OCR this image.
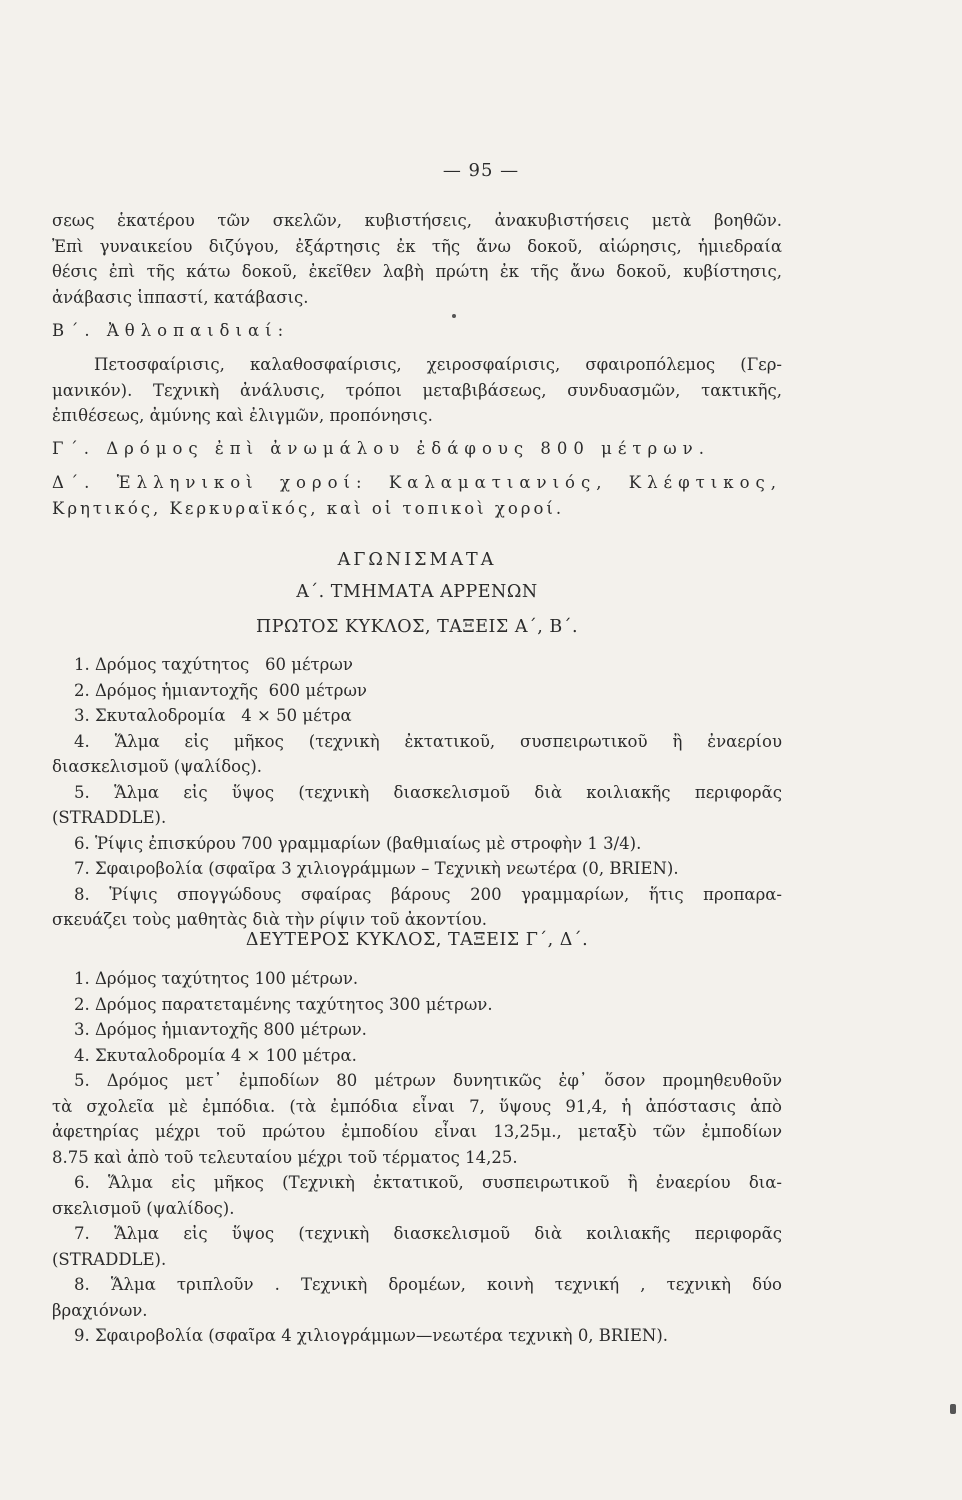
— 95 —

σεως ἑκατέρου τῶν σκελῶν, κυβιστήσεις, ἀνακυβιστήσεις μετὰ βοηθῶν.

Ἐπὶ γυναικείου διζύγου, ἐξάρτησις ἐκ τῆς ἄνω δοκοῦ, αἰώρησις, ἡμιεδραία

θέσις ἐπὶ τῆς κάτω δοκοῦ, ἐκεῖθεν λαβὴ πρώτη ἐκ τῆς ἄνω δοκοῦ, κυβίστησις,

ἀνάβασις ἱππαστί, κατάβασις.

Β΄. Ἀθλοπαιδιαί:

Πετοσφαίρισις, καλαθοσφαίρισις, χειροσφαίρισις, σφαιροπόλεμος (Γερ-

μανικόν). Τεχνικὴ ἀνάλυσις, τρόποι μεταβιβάσεως, συνδυασμῶν, τακτικῆς,

ἐπιθέσεως, ἀμύνης καὶ ἐλιγμῶν, προπόνησις.

Γ΄. Δρόμος ἐπὶ ἀνωμάλου ἐδάφους 800 μέτρων.

Δ΄. Ἑλληνικοὶ χοροί: Καλαματιανιός, Κλέφτικος,

Κρητικός, Κερκυραϊκός, καὶ οἱ τοπικοὶ χοροί.

ΑΓΩΝΙΣΜΑΤΑ

Α΄. ΤΜΗΜΑΤΑ ΑΡΡΕΝΩΝ

ΠΡΩΤΟΣ ΚΥΚΛΟΣ, ΤΑΞΕΙΣ Α΄, Β΄.

1. Δρόμος ταχύτητος   60 μέτρων

2. Δρόμος ἡμιαντοχῆς  600 μέτρων

3. Σκυταλοδρομία   4 × 50 μέτρα

4. Ἅλμα εἰς μῆκος (τεχνικὴ ἐκτατικοῦ, συσπειρωτικοῦ ἢ ἐναερίου

διασκελισμοῦ (ψαλίδος).

5. Ἅλμα εἰς ὕψος (τεχνικὴ διασκελισμοῦ διὰ κοιλιακῆς περιφορᾶς

(STRADDLE).

6. Ῥίψις ἐπισκύρου 700 γραμμαρίων (βαθμιαίως μὲ στροφὴν 1 3/4).

7. Σφαιροβολία (σφαῖρα 3 χιλιογράμμων – Τεχνικὴ νεωτέρα (0, BRIEN).

8. Ῥίψις σπογγώδους σφαίρας βάρους 200 γραμμαρίων, ἥτις προπαρα-

σκευάζει τοὺς μαθητὰς διὰ τὴν ρίψιν τοῦ ἀκοντίου.

ΔΕΥΤΕΡΟΣ ΚΥΚΛΟΣ, ΤΑΞΕΙΣ Γ΄, Δ΄.

1. Δρόμος ταχύτητος 100 μέτρων.

2. Δρόμος παρατεταμένης ταχύτητος 300 μέτρων.

3. Δρόμος ἡμιαντοχῆς 800 μέτρων.

4. Σκυταλοδρομία 4 × 100 μέτρα.

5. Δρόμος μετ᾽ ἐμποδίων 80 μέτρων δυνητικῶς ἐφ᾽ ὅσον προμηθευθοῦν

τὰ σχολεῖα μὲ ἐμπόδια. (τὰ ἐμπόδια εἶναι 7, ὕψους 91,4, ἡ ἀπόστασις ἀπὸ

ἀφετηρίας μέχρι τοῦ πρώτου ἐμποδίου εἶναι 13,25μ., μεταξὺ τῶν ἐμποδίων

8.75 καὶ ἀπὸ τοῦ τελευταίου μέχρι τοῦ τέρματος 14,25.

6. Ἅλμα εἰς μῆκος (Τεχνικὴ ἐκτατικοῦ, συσπειρωτικοῦ ἢ ἐναερίου δια-

σκελισμοῦ (ψαλίδος).

7. Ἅλμα εἰς ὕψος (τεχνικὴ διασκελισμοῦ διὰ κοιλιακῆς περιφορᾶς

(STRADDLE).

8. Ἅλμα τριπλοῦν . Τεχνικὴ δρομέων, κοινὴ τεχνική , τεχνικὴ δύο

βραχιόνων.

9. Σφαιροβολία (σφαῖρα 4 χιλιογράμμων—νεωτέρα τεχνικὴ 0, BRIEN).
